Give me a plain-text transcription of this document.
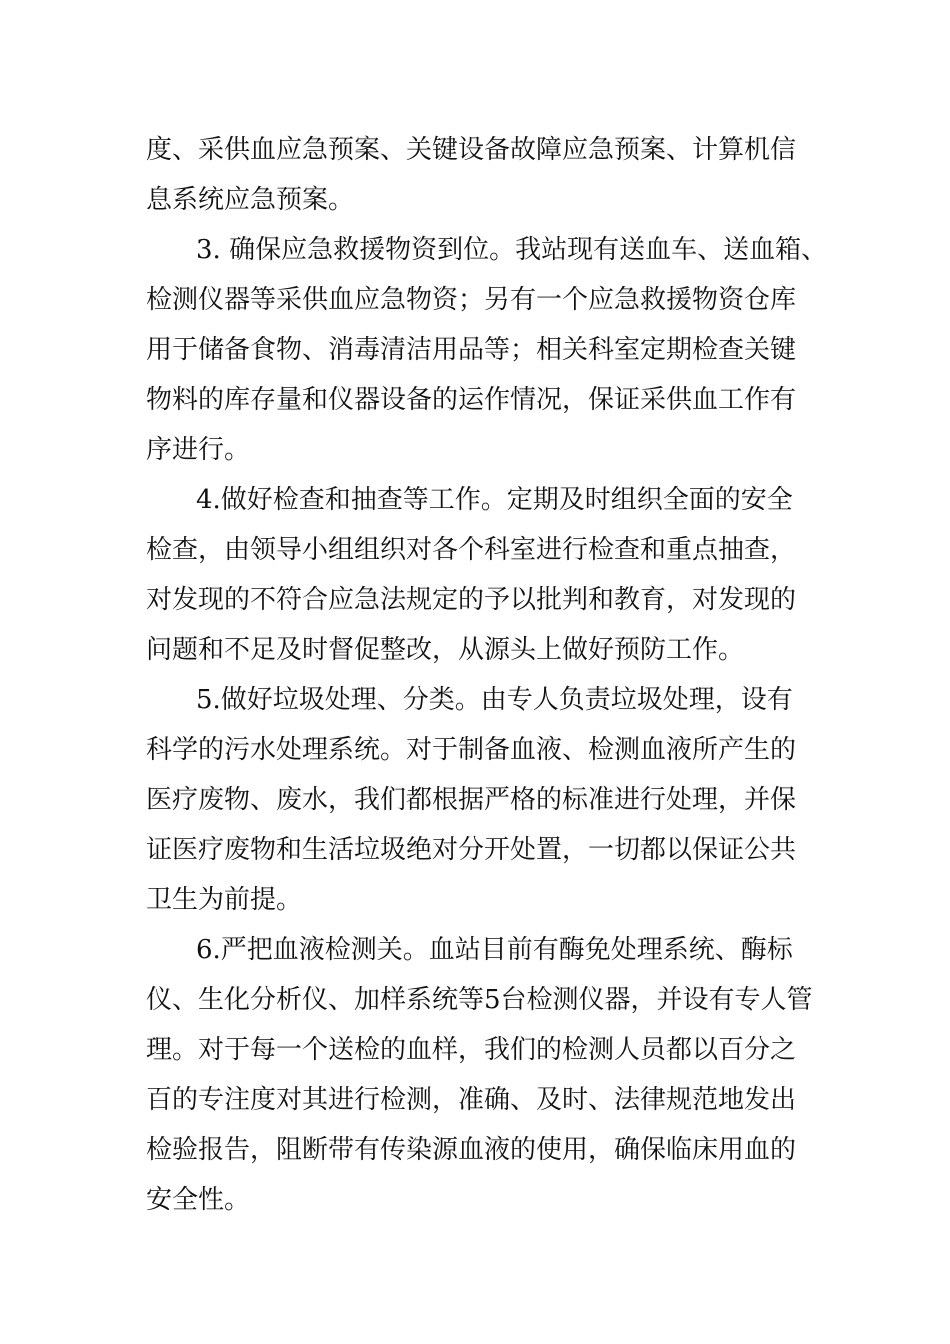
度、采供血应急预案、关键设备故障应急预案、计算机信
息系统应急预案。
3. 确保应急救援物资到位。我站现有送血车、送血箱、
检测仪器等采供血应急物资；另有一个应急救援物资仓库
用于储备食物、消毒清洁用品等；相关科室定期检查关键
物料的库存量和仪器设备的运作情况，保证采供血工作有
序进行。
4.做好检查和抽查等工作。定期及时组织全面的安全
检查，由领导小组组织对各个科室进行检查和重点抽查，
对发现的不符合应急法规定的予以批判和教育，对发现的
问题和不足及时督促整改，从源头上做好预防工作。
5.做好垃圾处理、分类。由专人负责垃圾处理，设有
科学的污水处理系统。对于制备血液、检测血液所产生的
医疗废物、废水，我们都根据严格的标准进行处理，并保
证医疗废物和生活垃圾绝对分开处置，一切都以保证公共
卫生为前提。
6.严把血液检测关。血站目前有酶免处理系统、酶标
仪、生化分析仪、加样系统等5台检测仪器，并设有专人管
理。对于每一个送检的血样，我们的检测人员都以百分之
百的专注度对其进行检测，准确、及时、法律规范地发出
检验报告，阻断带有传染源血液的使用，确保临床用血的
安全性。
